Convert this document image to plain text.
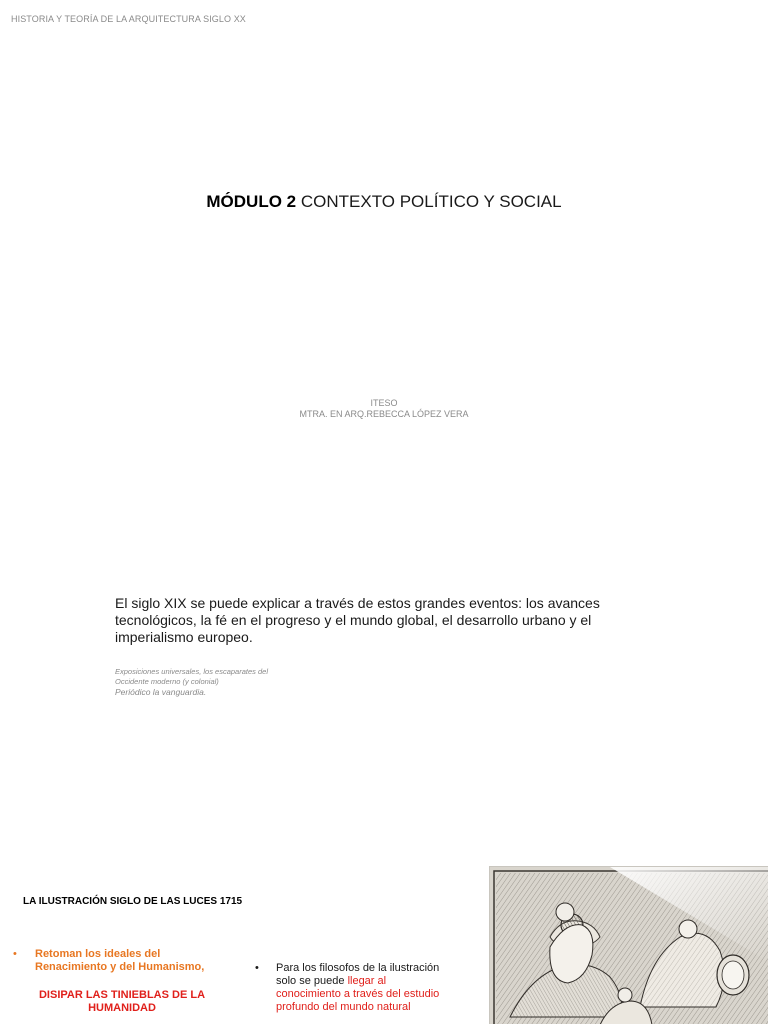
HISTORIA Y TEORÍA DE LA ARQUITECTURA SIGLO XX
MÓDULO 2 CONTEXTO POLÍTICO Y SOCIAL
ITESO
MTRA. EN ARQ.REBECCA LÓPEZ VERA
El siglo XIX se puede explicar a través de estos grandes eventos: los avances tecnológicos, la fé en el progreso y el mundo global, el desarrollo urbano y el imperialismo europeo.
Exposiciones universales, los escaparates del
Occidente moderno (y colonial)
Periódico la vanguardia.
LA ILUSTRACIÓN SIGLO DE LAS LUCES 1715
• Retoman los ideales del
Renacimiento y del Humanismo,
DISIPAR LAS TINIEBLAS DE LA
HUMANIDAD
• Para los filosofos de la ilustración
solo se puede llegar al
conocimiento a través del estudio
profundo del mundo natural
